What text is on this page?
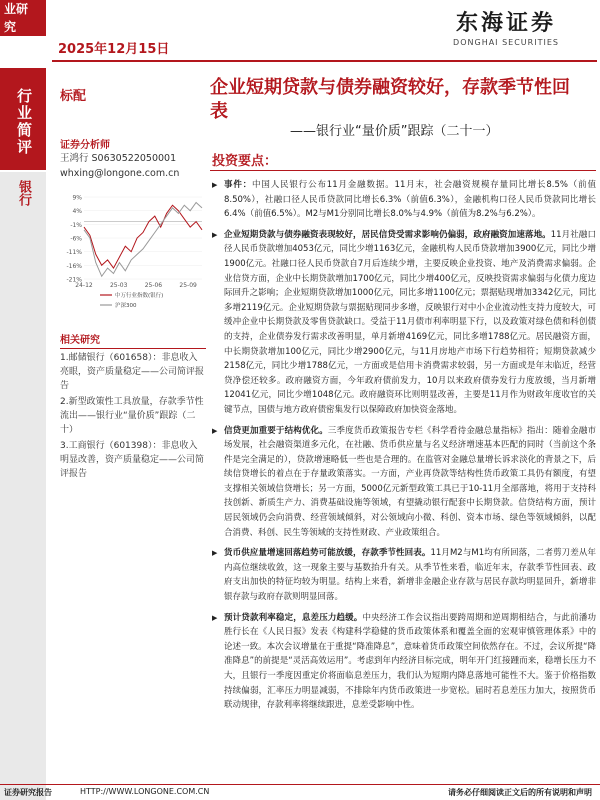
业研
究	东海证券
DONGHAI SECURITIES
2025年12月15日
行业简评
银行
标配	企业短期贷款与债券融资较好，存款季节性回表
——银行业“量价质”跟踪（二十一）
证券分析师
王鸿行 S0630522050001
whxing@longone.com.cn
9%
4%
-1%
-6%
-11%
-16%
-21%
24-12	25-03	25-06	25-09
中万行业指数(银行)
沪深300
相关研究
1.邮储银行（601658）：非息收入亮眼，资产质量稳定——公司简评报告
2.新型政策性工具放量，存款季节性流出——银行业“量价质”跟踪（二十）
3.工商银行（601398）：非息收入明显改善，资产质量稳定——公司简评报告
投资要点：
▶ 事件：中国人民银行公布11月金融数据。11月末，社会融资规模存量同比增长8.5%（前值8.50%），社融口径人民币贷款同比增长6.3%（前值6.3%），金融机构口径人民币贷款同比增长6.4%（前值6.5%）。M2与M1分别同比增长8.0%与4.9%（前值为8.2%与6.2%）。
▶ 企业短期贷款与债券融资表现较好，居民信贷受需求影响仍偏弱，政府融资加速落地。11月社融口径人民币贷款增加4053亿元，同比少增1163亿元，金融机构人民币贷款增加3900亿元，同比少增1900亿元。社融口径人民币贷款自7月后连续少增，主要反映企业投资、地产及消费需求偏弱。企业信贷方面，企业中长期贷款增加1700亿元，同比少增400亿元，反映投资需求偏弱与化债力度边际回升之影响；企业短期贷款增加1000亿元，同比多增1100亿元；票据贴现增加3342亿元，同比多增2119亿元。企业短期贷款与票据贴现同步多增，反映银行对中小企业流动性支持力度较大，可缓冲企业中长期贷款及零售贷款缺口。受益于11月债市利率明显下行，以及政策对绿色债和科创债的支持，企业债券发行需求改善明显，单月新增4169亿元，同比多增1788亿元。居民融资方面，中长期贷款增加100亿元，同比少增2900亿元，与11月房地产市场下行趋势相符；短期贷款减少2158亿元，同比少增1788亿元，一方面或是信用卡消费需求较弱，另一方面或是年末临近，经营贷净偿还较多。政府融资方面，今年政府债前发力，10月以来政府债券发行力度放缓，当月新增12041亿元，同比少增1048亿元。政府融资环比则明显改善，主要是11月作为财政年度收官的关键节点，国债与地方政府债密集发行以保障政府加快资金落地。
▶ 信贷更加重要于结构优化。三季度货币政策报告专栏《科学看待金融总量指标》指出：随着金融市场发展，社会融资渠道多元化，在社融、货币供应量与名义经济增速基本匹配的同时（当前这个条件是完全满足的），贷款增速略低一些也是合理的。在监管对金融总量增长诉求淡化的背景之下，后续信贷增长的着点在于存量政策落实。一方面，产业再贷款等结构性货币政策工具仍有额度，有望支撑相关领域信贷增长；另一方面，5000亿元新型政策工具已于10-11月全部落地，将用于支持科技创新、新质生产力、消费基础设施等领域，有望撬动银行配套中长期贷款。信贷结构方面，预计居民领域仍会向消费、经营领域倾斜，对公领域向小微、科创、资本市场、绿色等领域倾斜，以配合消费、科创、民生等领域的支持性财政、产业政策组合。
▶ 货币供应量增速回落趋势可能放缓，存款季节性回表。11月M2与M1均有所回落，二者剪刀差从年内高位继续收敛，这一现象主要与基数抬升有关。从季节性来看，临近年末，存款季节性回表、政府支出加快的特征均较为明显。结构上来看，新增非金融企业存款与居民存款均明显回升，新增非银存款与政府存款则明显回落。
▶ 预计贷款利率稳定，息差压力趋缓。中央经济工作会议指出要跨周期和逆周期相结合，与此前潘功胜行长在《人民日报》发表《构建科学稳健的货币政策体系和覆盖全面的宏观审慎管理体系》中的论述一致。本次会议增量在于重提“降准降息”，意味着货币政策空间依然存在。不过，会议所提“降准降息”的前提是“灵活高效运用”。考虑到年内经济目标完成，明年开门红接踵而来，稳增长压力不大，且银行一季度因重定价将面临息差压力，我们认为短期内降息落地可能性不大。鉴于价格指数持续偏弱，汇率压力明显减弱，不排除年内货币政策进一步宽松。届时若息差压力加大，按照货币联动规律，存款利率将继续跟进，息差受影响中性。
证券研究报告	HTTP://WWW.LONGONE.COM.CN	请务必仔细阅读正文后的所有说明和声明
